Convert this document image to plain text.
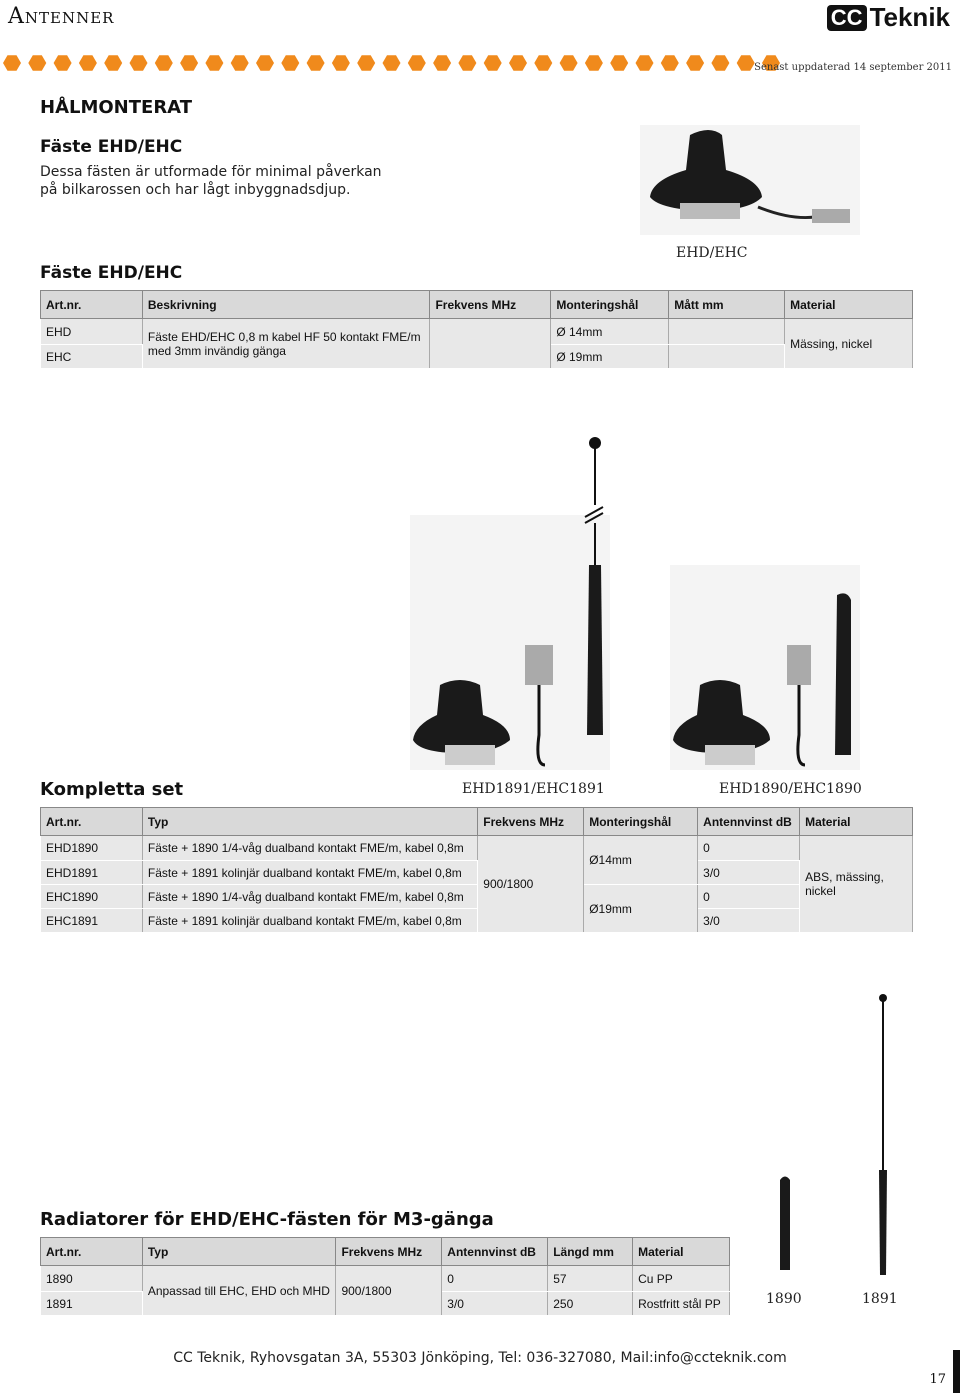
Antenner	CC Teknik
Senast uppdaterad 14 september 2011
HÅLMONTERAT
Fäste EHD/EHC
Dessa fästen är utformade för minimal påverkan
på bilkarossen och har lågt inbyggnadsdjup.
EHD/EHC
Fäste EHD/EHC
Art.nr.	Beskrivning	Frekvens MHz	Monteringshål	Mått mm	Material
EHD	Fäste EHD/EHC 0,8 m kabel HF 50 kontakt FME/m med 3mm invändig gänga		Ø 14mm		Mässing, nickel
EHC			Ø 19mm		
Kompletta set	EHD1891/EHC1891	EHD1890/EHC1890
Art.nr.	Typ	Frekvens MHz	Monteringshål	Antennvinst dB	Material
EHD1890	Fäste + 1890 1/4-våg dualband kontakt FME/m, kabel 0,8m	900/1800	Ø14mm	0	ABS, mässing, nickel
EHD1891	Fäste + 1891 kolinjär dualband kontakt FME/m, kabel 0,8m			3/0	
EHC1890	Fäste + 1890 1/4-våg dualband kontakt FME/m, kabel 0,8m		Ø19mm	0	
EHC1891	Fäste + 1891 kolinjär dualband kontakt FME/m, kabel 0,8m			3/0	
Radiatorer för EHD/EHC-fästen för M3-gänga
Art.nr.	Typ	Frekvens MHz	Antennvinst dB	Längd mm	Material
1890	Anpassad till EHC, EHD och MHD	900/1800	0	57	Cu PP
1891			3/0	250	Rostfritt stål PP	1890	1891
CC Teknik, Ryhovsgatan 3A, 55303 Jönköping, Tel: 036-327080, Mail:info@ccteknik.com
17
